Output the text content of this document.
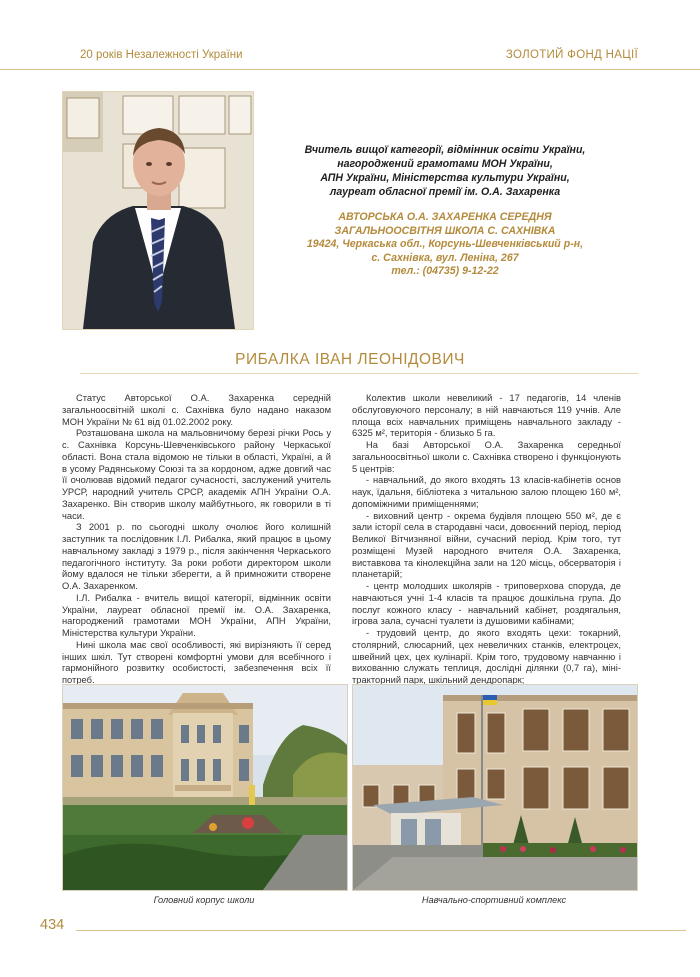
20 років Незалежності України	ЗОЛОТИЙ ФОНД НАЦІЇ
Вчитель вищої категорії, відмінник освіти України,
нагороджений грамотами МОН України,
АПН України, Міністерства культури України,
лауреат обласної премії ім. О.А. Захаренка
АВТОРСЬКА О.А. ЗАХАРЕНКА СЕРЕДНЯ
ЗАГАЛЬНООСВІТНЯ ШКОЛА С. САХНІВКА
19424, Черкаська обл., Корсунь-Шевченківський р-н,
с. Сахнівка, вул. Леніна, 267
тел.: (04735) 9-12-22
РИБАЛКА ІВАН ЛЕОНІДОВИЧ

Статус Авторської О.А. Захаренка середній загальноосвітній школі с. Сахнівка було надано наказом МОН України № 61 від 01.02.2002 року.

Розташована школа на мальовничому березі річки Рось у с. Сахнівка Корсунь-Шевченківського району Черкаської області. Вона стала відомою не тільки в області, Україні, а й в усому Радянському Союзі та за кордоном, адже довгий час її очолював відомий педагог сучасності, заслужений учитель УРСР, народний учитель СРСР, академік АПН України О.А. Захаренко. Він створив школу майбутнього, як говорили в ті часи.

З 2001 р. по сьогодні школу очолює його колишній заступник та послідовник І.Л. Рибалка, який працює в цьому навчальному закладі з 1979 р., після закінчення Черкаського педагогічного інституту. За роки роботи директором школи йому вдалося не тільки зберегти, а й примножити створене О.А. Захаренком.

І.Л. Рибалка - вчитель вищої категорії, відмінник освіти України, лауреат обласної премії ім. О.А. Захаренка, нагороджений грамотами МОН України, АПН України, Міністерства культури України.

Нині школа має свої особливості, які вирізняють її серед інших шкіл. Тут створені комфортні умови для всебічного і гармонійного розвитку особистості, забезпечення всіх її потреб.

Колектив школи невеликий - 17 педагогів, 14 членів обслуговуючого персоналу; в ній навчаються 119 учнів. Але площа всіх навчальних приміщень навчального закладу - 6325 м², територія - близько 5 га.

На базі Авторської О.А. Захаренка середньої загальноосвітньої школи с. Сахнівка створено і функціонують 5 центрів:

- навчальний, до якого входять 13 класів-кабінетів основ наук, їдальня, бібліотека з читальною залою площею 160 м², допоміжними приміщеннями;

- виховний центр - окрема будівля площею 550 м², де є зали історії села в стародавні часи, довоєнний період, період Великої Вітчизняної війни, сучасний період. Крім того, тут розміщені Музей народного вчителя О.А. Захаренка, виставкова та кінолекційна зали на 120 місць, обсерваторія і планетарій;

- центр молодших школярів - триповерхова споруда, де навчаються учні 1-4 класів та працює дошкільна група. До послуг кожного класу - навчальний кабінет, роздягальня, ігрова зала, сучасні туалети із душовими кабінами;

- трудовий центр, до якого входять цехи: токарний, столярний, слюсарний, цех невеличких станків, електроцех, швейний цех, цех кулінарії. Крім того, трудовому навчанню і вихованню служать теплиця, дослідні ділянки (0,7 га), міні-тракторний парк, шкільний дендропарк;

Головний корпус школи	Навчально-спортивний комплекс
434
